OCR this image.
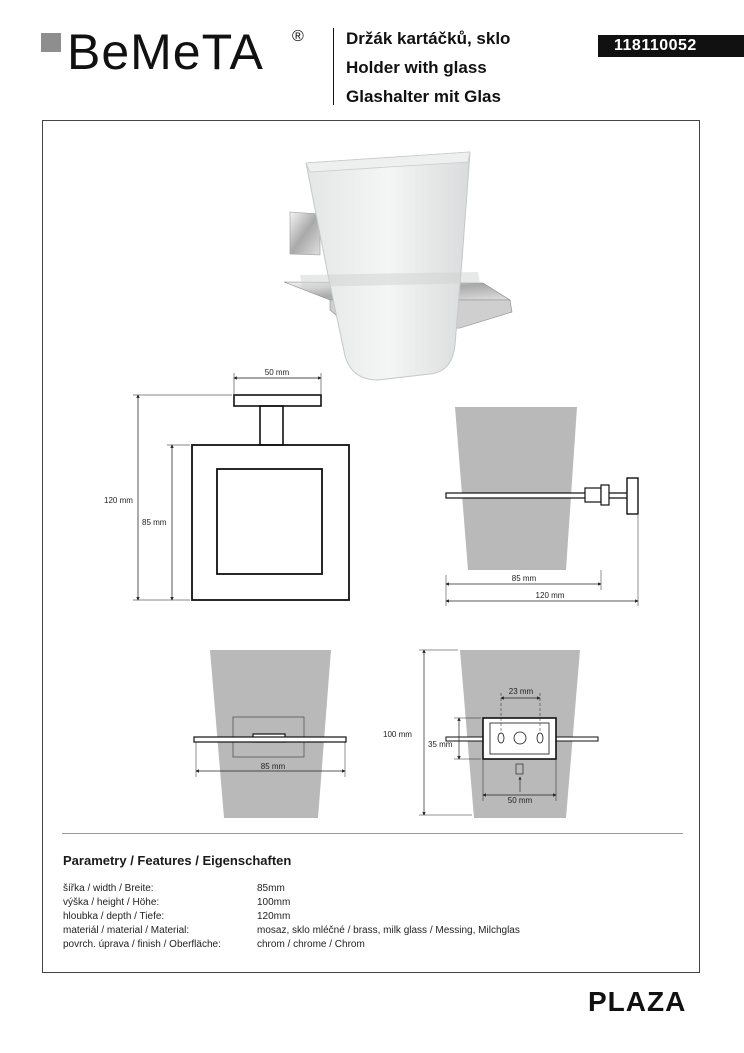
BeMeTA ® Držák kartáčků, sklo
Holder with glass
Glashalter mit Glas
118110052
50 mm
120 mm
85 mm
85 mm
120 mm
85 mm
23 mm
100 mm
35 mm
50 mm
Parametry / Features / Eigenschaften
šířka / width / Breite:	85mm
výška / height / Höhe:	100mm
hloubka / depth / Tiefe:	120mm
materiál / material / Material:	mosaz, sklo mléčné / brass, milk glass / Messing, Milchglas
povrch. úprava / finish / Oberfläche:	chrom / chrome / Chrom
PLAZA
